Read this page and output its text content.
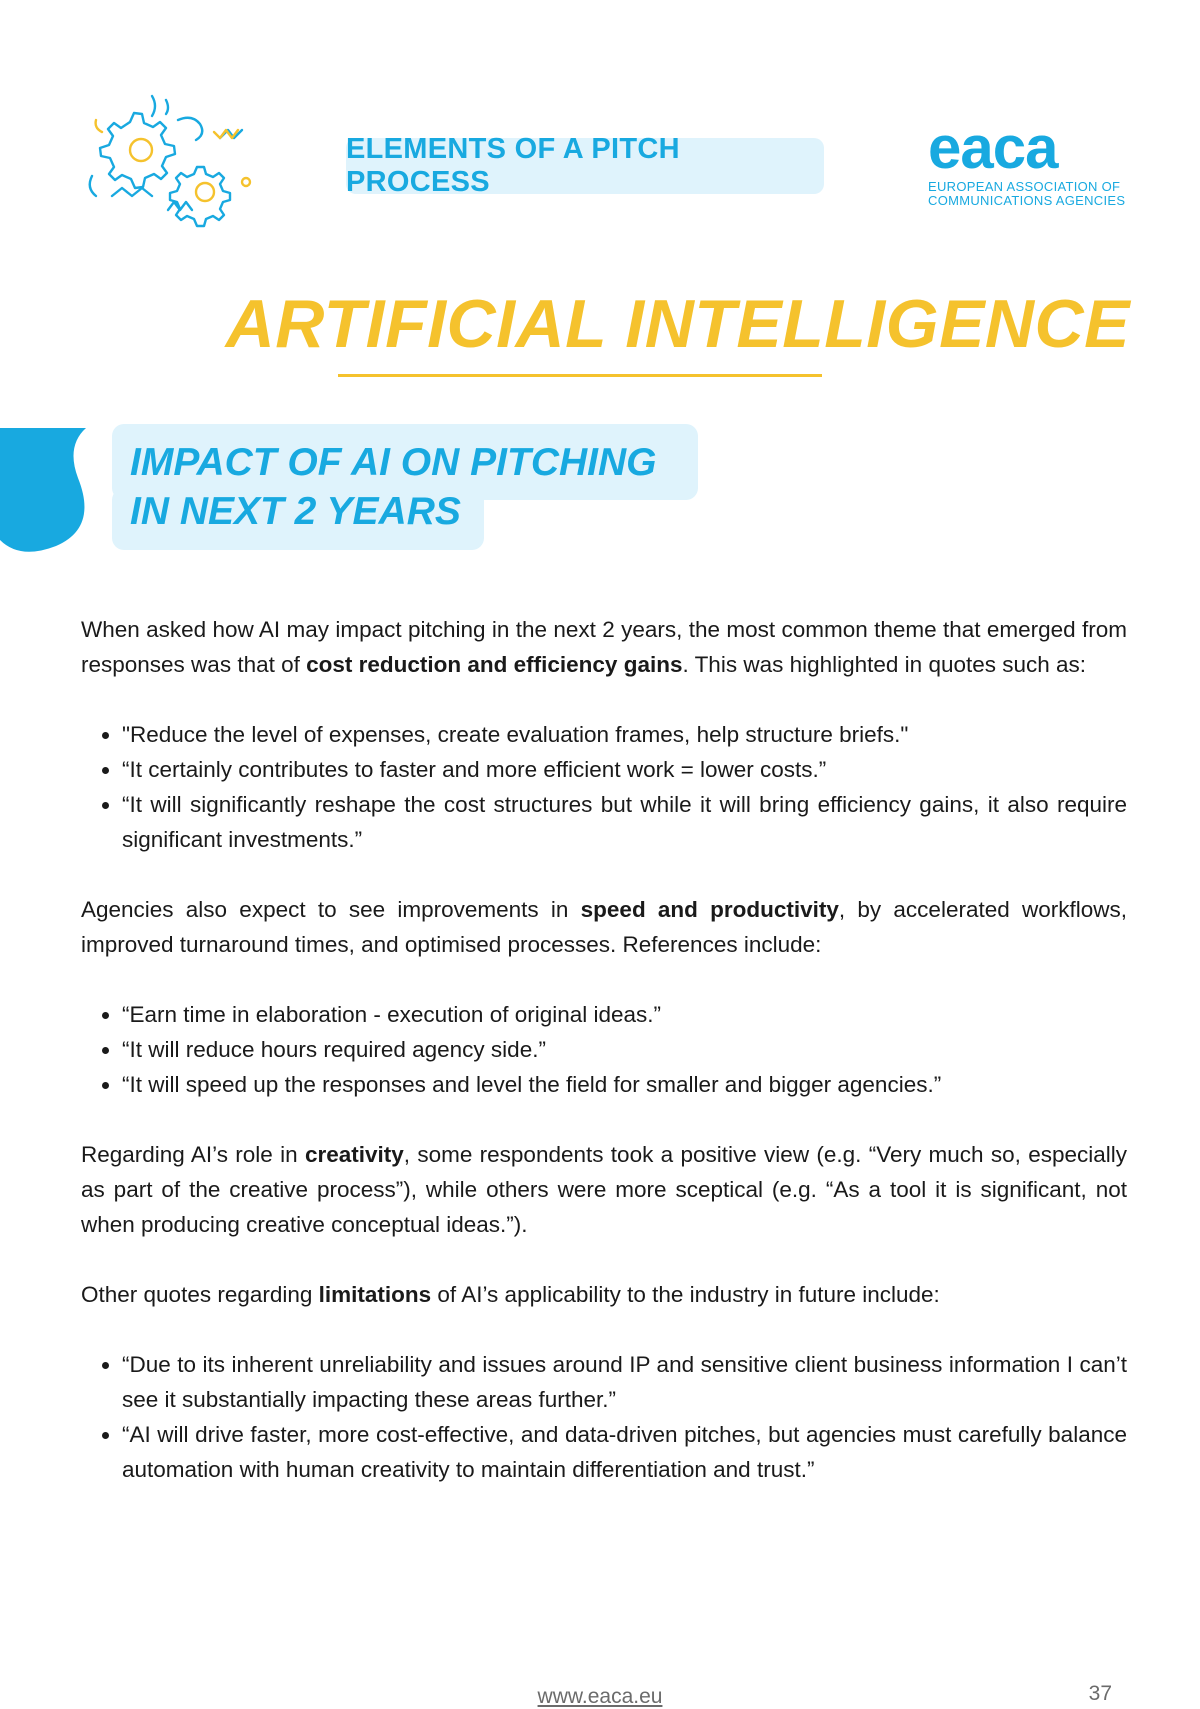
ELEMENTS OF A PITCH PROCESS
eaca
EUROPEAN ASSOCIATION OF
COMMUNICATIONS AGENCIES
ARTIFICIAL INTELLIGENCE
IMPACT OF AI ON PITCHING
IN NEXT 2 YEARS

When asked how AI may impact pitching in the next 2 years, the most common theme that emerged from responses was that of cost reduction and efficiency gains. This was highlighted in quotes such as:

• "Reduce the level of expenses, create evaluation frames, help structure briefs."
• “It certainly contributes to faster and more efficient work = lower costs.”
• “It will significantly reshape the cost structures but while it will bring efficiency gains, it also require significant investments.”

Agencies also expect to see improvements in speed and productivity, by accelerated workflows, improved turnaround times, and optimised processes. References include:

• “Earn time in elaboration - execution of original ideas.”
• “It will reduce hours required agency side.”
• “It will speed up the responses and level the field for smaller and bigger agencies.”

Regarding AI’s role in creativity, some respondents took a positive view (e.g. “Very much so, especially as part of the creative process”), while others were more sceptical (e.g. “As a tool it is significant, not when producing creative conceptual ideas.”).

Other quotes regarding limitations of AI’s applicability to the industry in future include:

• “Due to its inherent unreliability and issues around IP and sensitive client business information I can’t see it substantially impacting these areas further.”
• “AI will drive faster, more cost-effective, and data-driven pitches, but agencies must carefully balance automation with human creativity to maintain differentiation and trust.”
www.eaca.eu	37
